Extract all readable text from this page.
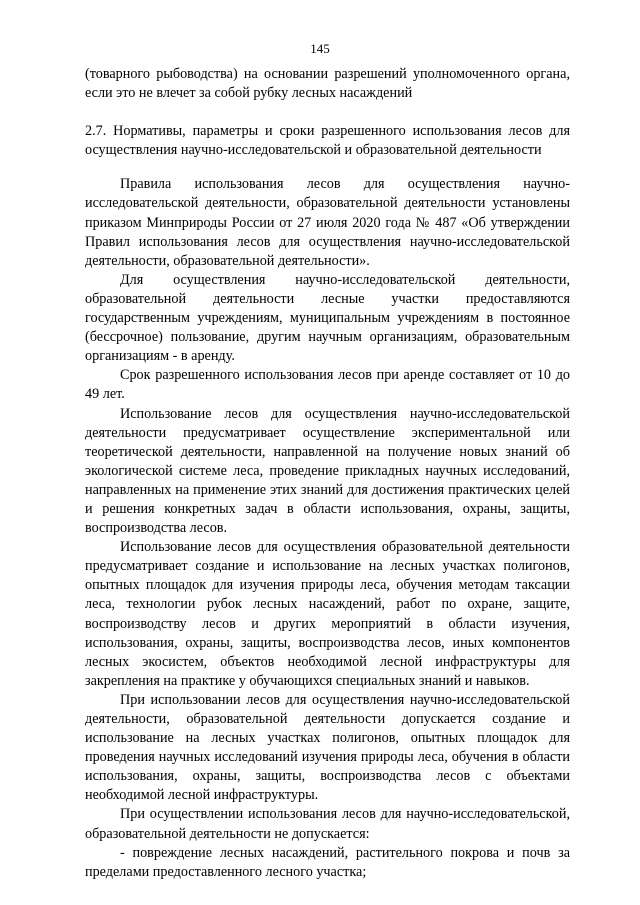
145

(товарного рыбоводства) на основании разрешений уполномоченного органа, если это не влечет за собой рубку лесных насаждений

2.7. Нормативы, параметры и сроки разрешенного использования лесов для осуществления научно-исследовательской и образовательной деятельности

Правила использования лесов для осуществления научно-исследовательской деятельности, образовательной деятельности установлены приказом Минприроды России от 27 июля 2020 года № 487 «Об утверждении Правил использования лесов для осуществления научно-исследовательской деятельности, образовательной деятельности».

Для осуществления научно-исследовательской деятельности, образовательной деятельности лесные участки предоставляются государственным учреждениям, муниципальным учреждениям в постоянное (бессрочное) пользование, другим научным организациям, образовательным организациям - в аренду.

Срок разрешенного использования лесов при аренде составляет от 10 до 49 лет.

Использование лесов для осуществления научно-исследовательской деятельности предусматривает осуществление экспериментальной или теоретической деятельности, направленной на получение новых знаний об экологической системе леса, проведение прикладных научных исследований, направленных на применение этих знаний для достижения практических целей и решения конкретных задач в области использования, охраны, защиты, воспроизводства лесов.

Использование лесов для осуществления образовательной деятельности предусматривает создание и использование на лесных участках полигонов, опытных площадок для изучения природы леса, обучения методам таксации леса, технологии рубок лесных насаждений, работ по охране, защите, воспроизводству лесов и других мероприятий в области изучения, использования, охраны, защиты, воспроизводства лесов, иных компонентов лесных экосистем, объектов необходимой лесной инфраструктуры для закрепления на практике у обучающихся специальных знаний и навыков.

При использовании лесов для осуществления научно-исследовательской деятельности, образовательной деятельности допускается создание и использование на лесных участках полигонов, опытных площадок для проведения научных исследований изучения природы леса, обучения в области использования, охраны, защиты, воспроизводства лесов с объектами необходимой лесной инфраструктуры.

При осуществлении использования лесов для научно-исследовательской, образовательной деятельности не допускается:

- повреждение лесных насаждений, растительного покрова и почв за пределами предоставленного лесного участка;
